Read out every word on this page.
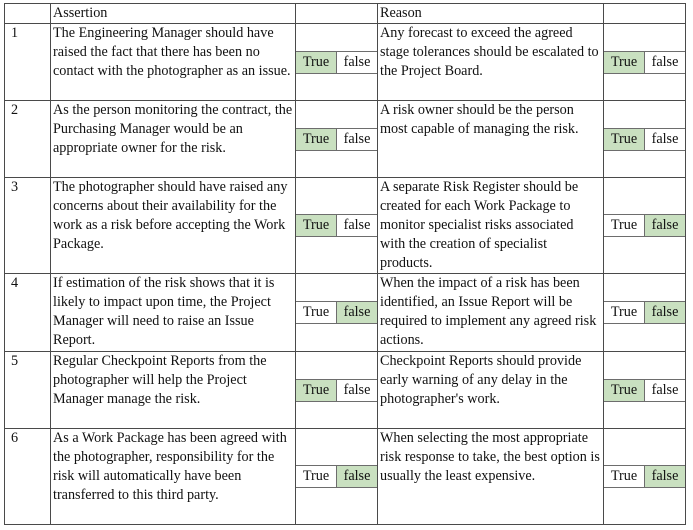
	Assertion		Reason	
1	The Engineering Manager should have raised the fact that there has been no contact with the photographer as an issue.	True false	Any forecast to exceed the agreed stage tolerances should be escalated to the Project Board.	True false

2	As the person monitoring the contract, the Purchasing Manager would be an appropriate owner for the risk.	True false	A risk owner should be the person most capable of managing the risk.	True false

3	The photographer should have raised any concerns about their availability for the work as a risk before accepting the Work Package.	True false	A separate Risk Register should be created for each Work Package to monitor specialist risks associated with the creation of specialist products.	True false

4	If estimation of the risk shows that it is likely to impact upon time, the Project Manager will need to raise an Issue Report.	True false	When the impact of a risk has been identified, an Issue Report will be required to implement any agreed risk actions.	True false

5	Regular Checkpoint Reports from the photographer will help the Project Manager manage the risk.	True false	Checkpoint Reports should provide early warning of any delay in the photographer's work.	True false

6	As a Work Package has been agreed with the photographer, responsibility for the risk will automatically have been transferred to this third party.	True false	When selecting the most appropriate risk response to take, the best option is usually the least expensive.	True false
